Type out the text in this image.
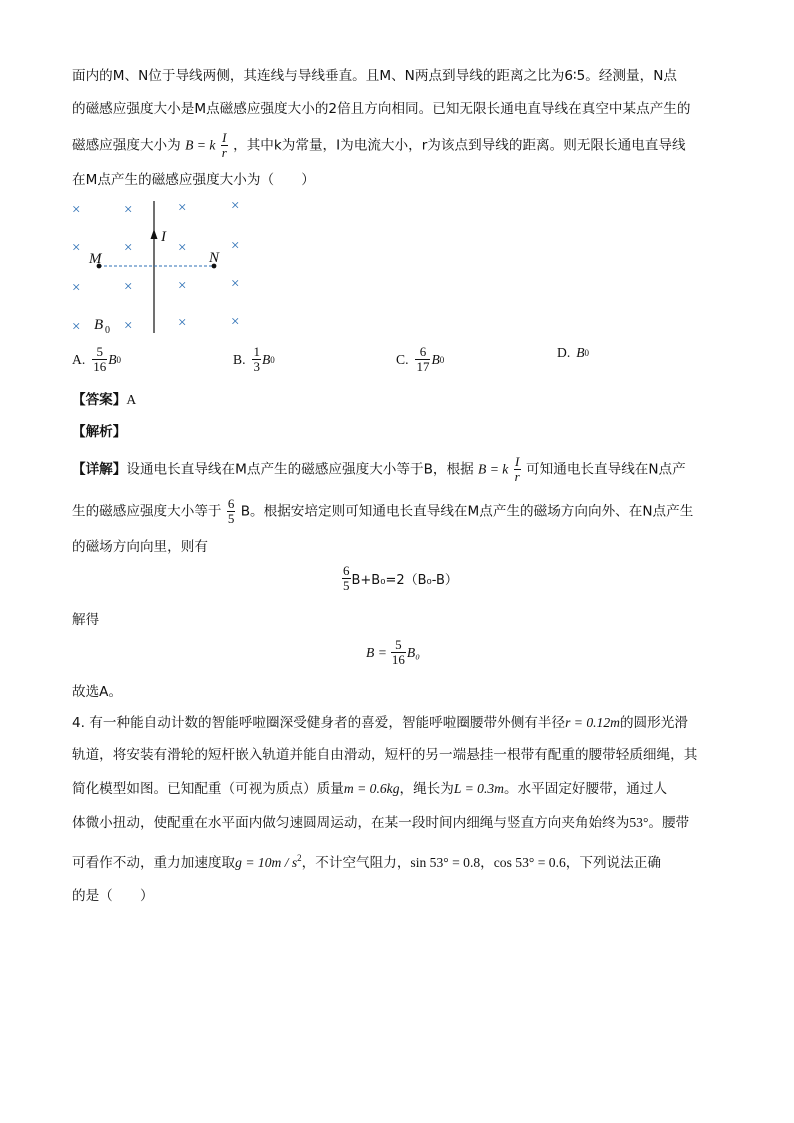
面内的M、N位于导线两侧，其连线与导线垂直。且M、N两点到导线的距离之比为6∶5。经测量，N点
的磁感应强度大小是M点磁感应强度大小的2倍且方向相同。已知无限长通电直导线在真空中某点产生的
磁感应强度大小为 B = k $\frac{I}{r}$ ，其中k为常量，I为电流大小，r为该点到导线的距离。则无限长通电直导线
在M点产生的磁感应强度大小为（　　）
×	×	×	×
×	×	×	×
×	×	×	×
×	×	×	×
I
M	N
B 0
A. $\frac{5}{16}$ B 0	B. $\frac{1}{3}$ B 0	C. $\frac{6}{17}$ B 0	D. B 0
【答案】A
【解析】
【详解】设通电长直导线在M点产生的磁感应强度大小等于B，根据 B = k $\frac{I}{r}$ 可知通电长直导线在N点产
生的磁感应强度大小等于 $\frac{6}{5}$ B。根据安培定则可知通电长直导线在M点产生的磁场方向向外、在N点产生
的磁场方向向里，则有
$\frac{6}{5} B+B_0=2(B_0-B)$
解得
$B = \frac{5}{16} B_0$
故选A。
4. 有一种能自动计数的智能呼啦圈深受健身者的喜爱，智能呼啦圈腰带外侧有半径r = 0.12m的圆形光滑
轨道，将安装有滑轮的短杆嵌入轨道并能自由滑动，短杆的另一端悬挂一根带有配重的腰带轻质细绳，其
简化模型如图。已知配重（可视为质点）质量m = 0.6kg，绳长为L = 0.3m。水平固定好腰带，通过人
体微小扭动，使配重在水平面内做匀速圆周运动，在某一段时间内细绳与竖直方向夹角始终为53°。腰带
可看作不动，重力加速度取$g = 10m / s^2$，不计空气阻力，sin 53° = 0.8，cos 53° = 0.6，下列说法正确
的是（　　）
